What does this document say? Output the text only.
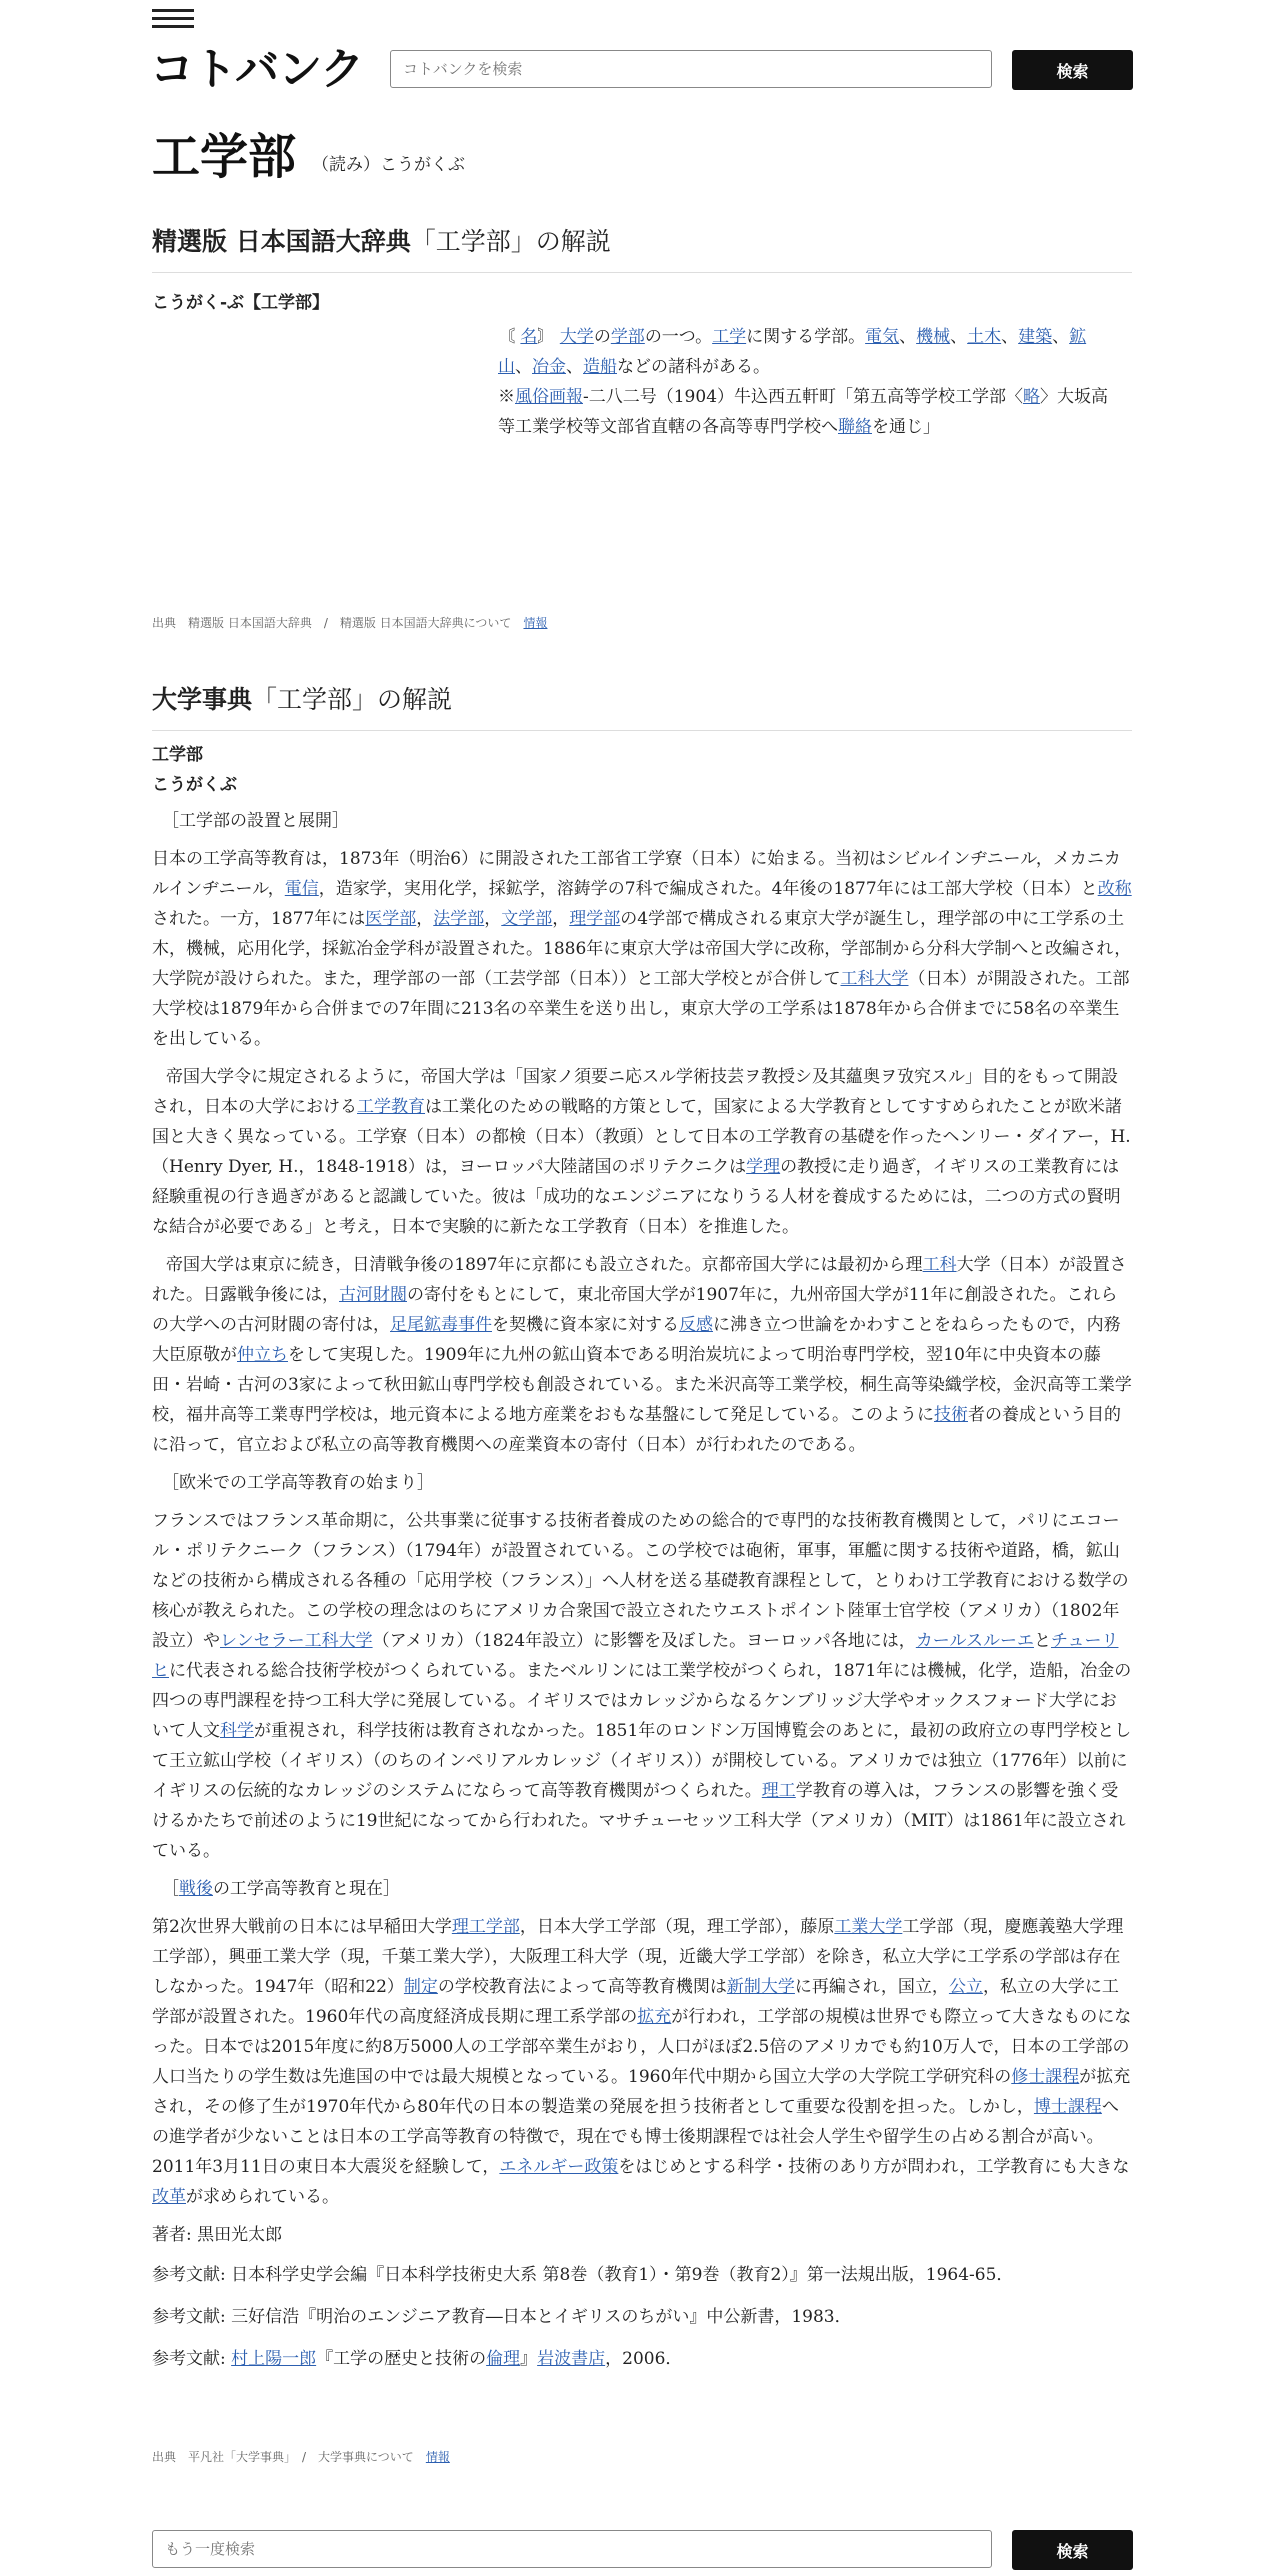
コトバンク
コトバンクを検索	検索
工学部 （読み）こうがくぶ
精選版 日本国語大辞典「工学部」の解説
こうがく‐ぶ【工学部】

〘 名〙 大学の学部の一つ。工学に関する学部。電気、機械、土木、建築、鉱山、冶金、造船などの諸科がある。

※風俗画報‐二八二号（1904）牛込西五軒町「第五高等学校工学部〈略〉大坂高等工業学校等文部省直轄の各高等専門学校へ聯絡を通じ」

出典　精選版 日本国語大辞典　/　精選版 日本国語大辞典について　 情報
大学事典「工学部」の解説
工学部
こうがくぶ

［工学部の設置と展開］

日本の工学高等教育は，1873年（明治6）に開設された工部省工学寮（日本）に始まる。当初はシビルインヂニール，メカニカルインヂニール，電信，造家学，実用化学，採鉱学，溶鋳学の7科で編成された。4年後の1877年には工部大学校（日本）と改称された。一方，1877年には医学部，法学部，文学部，理学部の4学部で構成される東京大学が誕生し，理学部の中に工学系の土木，機械，応用化学，採鉱冶金学科が設置された。1886年に東京大学は帝国大学に改称，学部制から分科大学制へと改編され，大学院が設けられた。また，理学部の一部（工芸学部（日本））と工部大学校とが合併して工科大学（日本）が開設された。工部大学校は1879年から合併までの7年間に213名の卒業生を送り出し，東京大学の工学系は1878年から合併までに58名の卒業生を出している。

帝国大学令に規定されるように，帝国大学は「国家ノ須要ニ応スル学術技芸ヲ教授シ及其蘊奥ヲ攷究スル」目的をもって開設され，日本の大学における工学教育は工業化のための戦略的方策として，国家による大学教育としてすすめられたことが欧米諸国と大きく異なっている。工学寮（日本）の都検（日本）（教頭）として日本の工学教育の基礎を作ったヘンリー・ダイアー，H.（Henry Dyer, H.，1848-1918）は，ヨーロッパ大陸諸国のポリテクニクは学理の教授に走り過ぎ，イギリスの工業教育には経験重視の行き過ぎがあると認識していた。彼は「成功的なエンジニアになりうる人材を養成するためには，二つの方式の賢明な結合が必要である」と考え，日本で実験的に新たな工学教育（日本）を推進した。

帝国大学は東京に続き，日清戦争後の1897年に京都にも設立された。京都帝国大学には最初から理工科大学（日本）が設置された。日露戦争後には，古河財閥の寄付をもとにして，東北帝国大学が1907年に，九州帝国大学が11年に創設された。これらの大学への古河財閥の寄付は，足尾鉱毒事件を契機に資本家に対する反感に沸き立つ世論をかわすことをねらったもので，内務大臣原敬が仲立ちをして実現した。1909年に九州の鉱山資本である明治炭坑によって明治専門学校，翌10年に中央資本の藤田・岩崎・古河の3家によって秋田鉱山専門学校も創設されている。また米沢高等工業学校，桐生高等染織学校，金沢高等工業学校，福井高等工業専門学校は，地元資本による地方産業をおもな基盤にして発足している。このように技術者の養成という目的に沿って，官立および私立の高等教育機関への産業資本の寄付（日本）が行われたのである。

［欧米での工学高等教育の始まり］

フランスではフランス革命期に，公共事業に従事する技術者養成のための総合的で専門的な技術教育機関として，パリにエコール・ポリテクニーク（フランス）（1794年）が設置されている。この学校では砲術，軍事，軍艦に関する技術や道路，橋，鉱山などの技術から構成される各種の「応用学校（フランス）」へ人材を送る基礎教育課程として，とりわけ工学教育における数学の核心が教えられた。この学校の理念はのちにアメリカ合衆国で設立されたウエストポイント陸軍士官学校（アメリカ）（1802年設立）やレンセラー工科大学（アメリカ）（1824年設立）に影響を及ぼした。ヨーロッパ各地には，カールスルーエとチューリヒに代表される総合技術学校がつくられている。またベルリンには工業学校がつくられ，1871年には機械，化学，造船，冶金の四つの専門課程を持つ工科大学に発展している。イギリスではカレッジからなるケンブリッジ大学やオックスフォード大学において人文科学が重視され，科学技術は教育されなかった。1851年のロンドン万国博覧会のあとに，最初の政府立の専門学校として王立鉱山学校（イギリス）（のちのインペリアルカレッジ（イギリス））が開校している。アメリカでは独立（1776年）以前にイギリスの伝統的なカレッジのシステムにならって高等教育機関がつくられた。理工学教育の導入は，フランスの影響を強く受けるかたちで前述のように19世紀になってから行われた。マサチューセッツ工科大学（アメリカ）（MIT）は1861年に設立されている。

［戦後の工学高等教育と現在］

第2次世界大戦前の日本には早稲田大学理工学部，日本大学工学部（現，理工学部），藤原工業大学工学部（現，慶應義塾大学理工学部），興亜工業大学（現，千葉工業大学），大阪理工科大学（現，近畿大学工学部）を除き，私立大学に工学系の学部は存在しなかった。1947年（昭和22）制定の学校教育法によって高等教育機関は新制大学に再編され，国立，公立，私立の大学に工学部が設置された。1960年代の高度経済成長期に理工系学部の拡充が行われ，工学部の規模は世界でも際立って大きなものになった。日本では2015年度に約8万5000人の工学部卒業生がおり，人口がほぼ2.5倍のアメリカでも約10万人で，日本の工学部の人口当たりの学生数は先進国の中では最大規模となっている。1960年代中期から国立大学の大学院工学研究科の修士課程が拡充され，その修了生が1970年代から80年代の日本の製造業の発展を担う技術者として重要な役割を担った。しかし，博士課程への進学者が少ないことは日本の工学高等教育の特徴で，現在でも博士後期課程では社会人学生や留学生の占める割合が高い。2011年3月11日の東日本大震災を経験して，エネルギー政策をはじめとする科学・技術のあり方が問われ，工学教育にも大きな改革が求められている。

著者: 黒田光太郎

参考文献: 日本科学史学会編『日本科学技術史大系 第8巻（教育1）・第9巻（教育2）』第一法規出版，1964-65．

参考文献: 三好信浩『明治のエンジニア教育―日本とイギリスのちがい』中公新書，1983．

参考文献: 村上陽一郎『工学の歴史と技術の倫理』岩波書店，2006．

出典　平凡社「大学事典」　/　大学事典について　 情報
もう一度検索
検索
